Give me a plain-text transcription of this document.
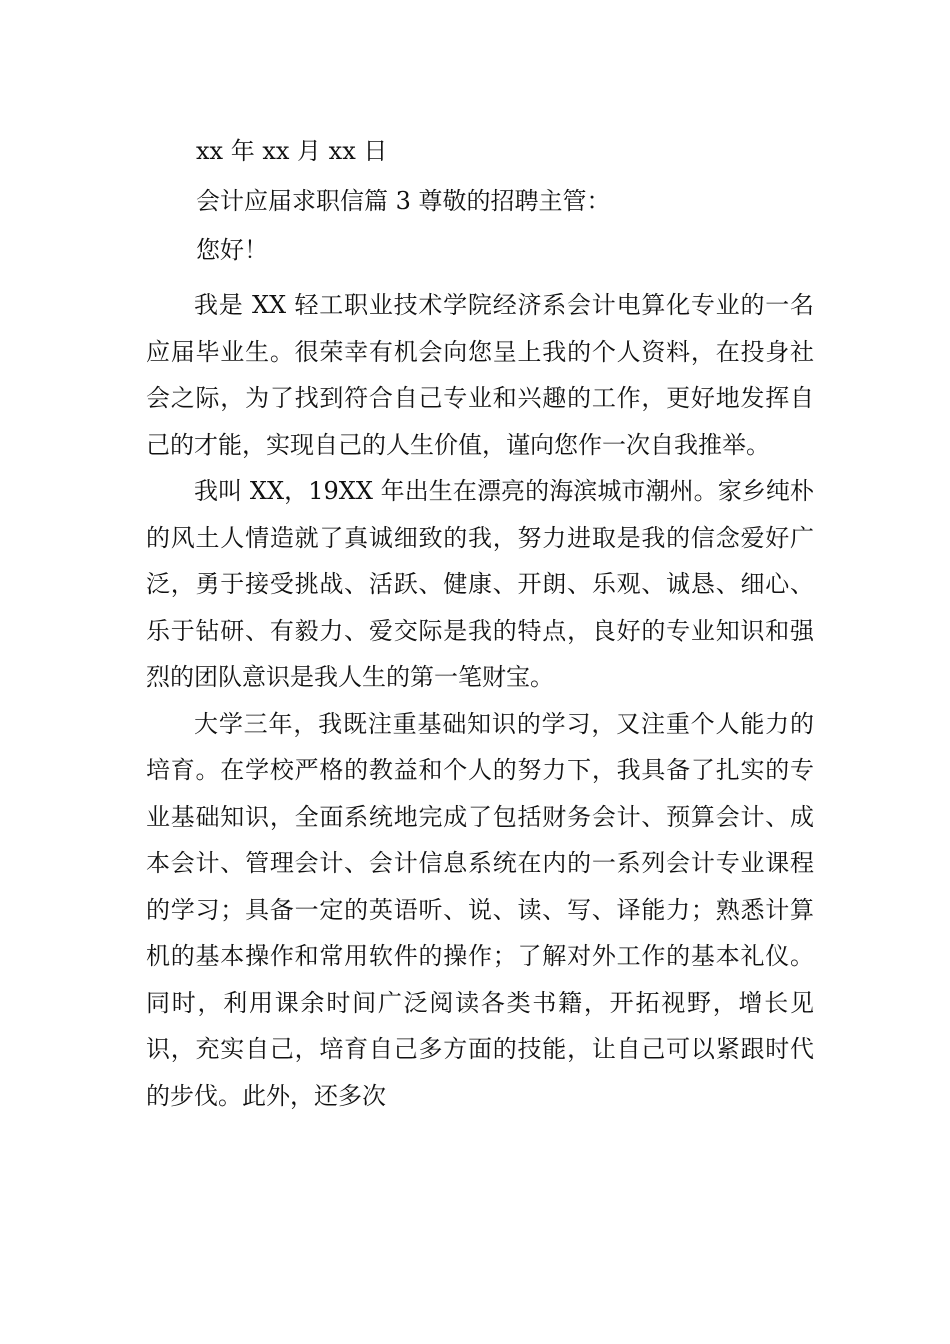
xx 年 xx 月 xx 日
会计应届求职信篇 3 尊敬的招聘主管：
您好！

我是 XX 轻工职业技术学院经济系会计电算化专业的一名应届毕业生。很荣幸有机会向您呈上我的个人资料，在投身社会之际，为了找到符合自己专业和兴趣的工作，更好地发挥自己的才能，实现自己的人生价值，谨向您作一次自我推举。

我叫 XX，19XX 年出生在漂亮的海滨城市潮州。家乡纯朴的风土人情造就了真诚细致的我，努力进取是我的信念爱好广泛，勇于接受挑战、活跃、健康、开朗、乐观、诚恳、细心、乐于钻研、有毅力、爱交际是我的特点，良好的专业知识和强烈的团队意识是我人生的第一笔财宝。

大学三年，我既注重基础知识的学习，又注重个人能力的培育。在学校严格的教益和个人的努力下，我具备了扎实的专业基础知识，全面系统地完成了包括财务会计、预算会计、成本会计、管理会计、会计信息系统在内的一系列会计专业课程的学习；具备一定的英语听、说、读、写、译能力；熟悉计算机的基本操作和常用软件的操作；了解对外工作的基本礼仪。同时，利用课余时间广泛阅读各类书籍，开拓视野，增长见识，充实自己，培育自己多方面的技能，让自己可以紧跟时代的步伐。此外，还多次
